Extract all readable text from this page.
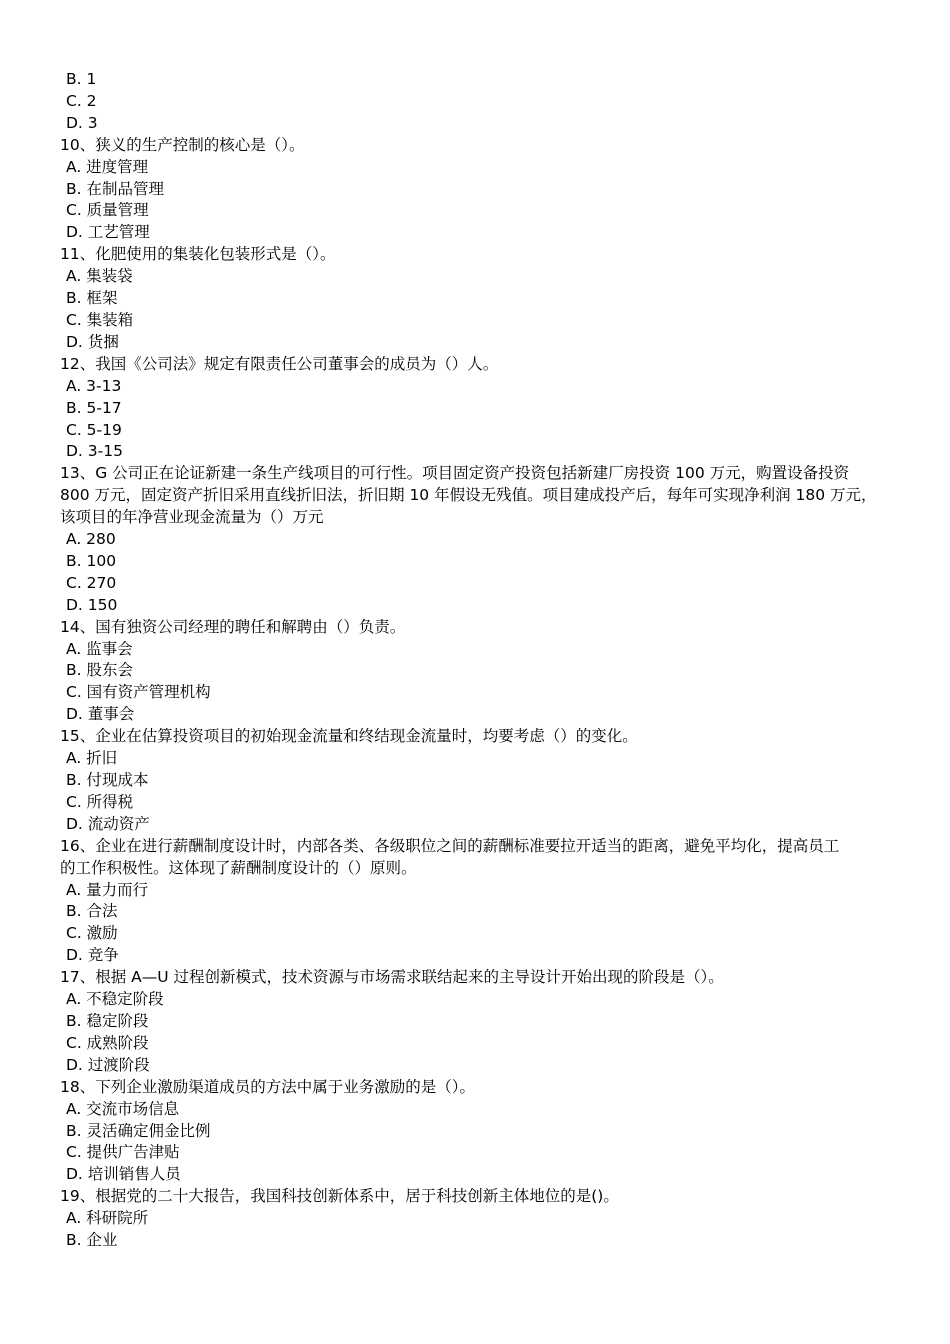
B. 1
C. 2
D. 3
10、狭义的生产控制的核心是（）。
A. 进度管理
B. 在制品管理
C. 质量管理
D. 工艺管理
11、化肥使用的集装化包装形式是（）。
A. 集装袋
B. 框架
C. 集装箱
D. 货捆
12、我国《公司法》规定有限责任公司董事会的成员为（）人。
A. 3-13
B. 5-17
C. 5-19
D. 3-15
13、G 公司正在论证新建一条生产线项目的可行性。项目固定资产投资包括新建厂房投资 100 万元，购置设备投资
800 万元，固定资产折旧采用直线折旧法，折旧期 10 年假设无残值。项目建成投产后，每年可实现净利润 180 万元，
该项目的年净营业现金流量为（）万元
A. 280
B. 100
C. 270
D. 150
14、国有独资公司经理的聘任和解聘由（）负责。
A. 监事会
B. 股东会
C. 国有资产管理机构
D. 董事会
15、企业在估算投资项目的初始现金流量和终结现金流量时，均要考虑（）的变化。
A. 折旧
B. 付现成本
C. 所得税
D. 流动资产
16、企业在进行薪酬制度设计时，内部各类、各级职位之间的薪酬标准要拉开适当的距离，避免平均化，提高员工
的工作积极性。这体现了薪酬制度设计的（）原则。
A. 量力而行
B. 合法
C. 激励
D. 竞争
17、根据 A—U 过程创新模式，技术资源与市场需求联结起来的主导设计开始出现的阶段是（）。
A. 不稳定阶段
B. 稳定阶段
C. 成熟阶段
D. 过渡阶段
18、下列企业激励渠道成员的方法中属于业务激励的是（）。
A. 交流市场信息
B. 灵活确定佣金比例
C. 提供广告津贴
D. 培训销售人员
19、根据党的二十大报告，我国科技创新体系中，居于科技创新主体地位的是()。
A. 科研院所
B. 企业
